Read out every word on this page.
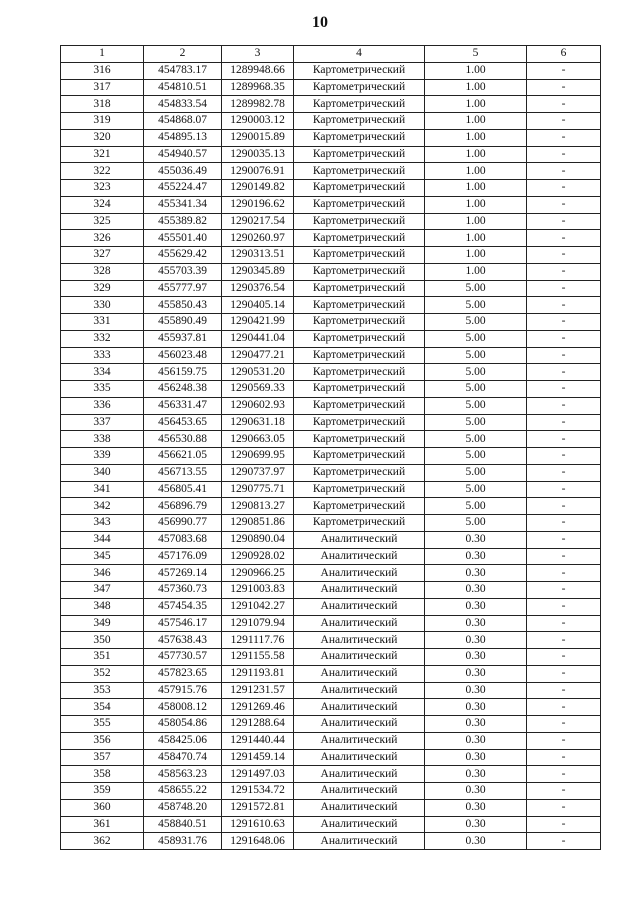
10
1	2	3	4	5	6
316	454783.17	1289948.66	Картометрический	1.00	-
317	454810.51	1289968.35	Картометрический	1.00	-
318	454833.54	1289982.78	Картометрический	1.00	-
319	454868.07	1290003.12	Картометрический	1.00	-
320	454895.13	1290015.89	Картометрический	1.00	-
321	454940.57	1290035.13	Картометрический	1.00	-
322	455036.49	1290076.91	Картометрический	1.00	-
323	455224.47	1290149.82	Картометрический	1.00	-
324	455341.34	1290196.62	Картометрический	1.00	-
325	455389.82	1290217.54	Картометрический	1.00	-
326	455501.40	1290260.97	Картометрический	1.00	-
327	455629.42	1290313.51	Картометрический	1.00	-
328	455703.39	1290345.89	Картометрический	1.00	-
329	455777.97	1290376.54	Картометрический	5.00	-
330	455850.43	1290405.14	Картометрический	5.00	-
331	455890.49	1290421.99	Картометрический	5.00	-
332	455937.81	1290441.04	Картометрический	5.00	-
333	456023.48	1290477.21	Картометрический	5.00	-
334	456159.75	1290531.20	Картометрический	5.00	-
335	456248.38	1290569.33	Картометрический	5.00	-
336	456331.47	1290602.93	Картометрический	5.00	-
337	456453.65	1290631.18	Картометрический	5.00	-
338	456530.88	1290663.05	Картометрический	5.00	-
339	456621.05	1290699.95	Картометрический	5.00	-
340	456713.55	1290737.97	Картометрический	5.00	-
341	456805.41	1290775.71	Картометрический	5.00	-
342	456896.79	1290813.27	Картометрический	5.00	-
343	456990.77	1290851.86	Картометрический	5.00	-
344	457083.68	1290890.04	Аналитический	0.30	-
345	457176.09	1290928.02	Аналитический	0.30	-
346	457269.14	1290966.25	Аналитический	0.30	-
347	457360.73	1291003.83	Аналитический	0.30	-
348	457454.35	1291042.27	Аналитический	0.30	-
349	457546.17	1291079.94	Аналитический	0.30	-
350	457638.43	1291117.76	Аналитический	0.30	-
351	457730.57	1291155.58	Аналитический	0.30	-
352	457823.65	1291193.81	Аналитический	0.30	-
353	457915.76	1291231.57	Аналитический	0.30	-
354	458008.12	1291269.46	Аналитический	0.30	-
355	458054.86	1291288.64	Аналитический	0.30	-
356	458425.06	1291440.44	Аналитический	0.30	-
357	458470.74	1291459.14	Аналитический	0.30	-
358	458563.23	1291497.03	Аналитический	0.30	-
359	458655.22	1291534.72	Аналитический	0.30	-
360	458748.20	1291572.81	Аналитический	0.30	-
361	458840.51	1291610.63	Аналитический	0.30	-
362	458931.76	1291648.06	Аналитический	0.30	-
